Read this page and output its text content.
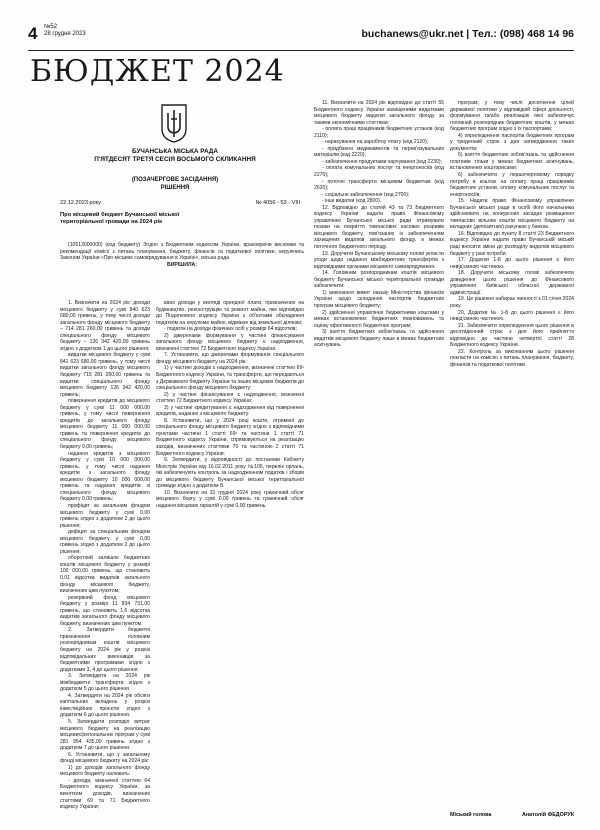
4 №52
28 грудня 2023	buchanews@ukr.net | Тел.: (098) 468 14 96
БЮДЖЕТ 2024
БУЧАНСЬКА МІСЬКА РАДА
П'ЯТДЕСЯТ ТРЕТЯ СЕСІЯ ВОСЬМОГО СКЛИКАННЯ
(ПОЗАЧЕРГОВЕ ЗАСІДАННЯ)
РІШЕННЯ
22.12.2023 року	№ 4056 - 53 - VIII
Про місцевий бюджет Бучанської міської територіальної громади на 2024 рік

(10513000000) (код бюджету) Згідно з Бюджетним кодексом України, враховуючи висновки та рекомендації комісії з питань планування, бюджету, фінансів та податкової політики, керуючись Законом України «Про місцеве самоврядування в Україні», міська рада

ВИРІШИЛА:

1. Визначити на 2024 рік: доходи місцевого бюджету у сумі 840 623 680,00 гривень, у тому числі доходи загального фонду місцевого бюджету – 714 281 260,00 гривень та доходи спеціального фонду місцевого бюджету – 126 342 420,00 гривень згідно з додатком 1 до цього рішення;

видатки місцевого бюджету у сумі 841 623 680,00 гривень, у тому числі видатки загального фонду місцевого бюджету 715 281 260,00 гривень та видатки спеціального фонду місцевого бюджету 126 342 420,00 гривень;

повернення кредитів до місцевого бюджету у сумі 11 000 000,00 гривень, у тому числі повернення кредитів до загального фонду місцевого бюджету 11 000 000,00 гривень та повернення кредитів до спеціального фонду місцевого бюджету 0,00 гривень;

надання кредитів з місцевого бюджету у сумі 10 000 000,00 гривень, у тому числі надання кредитів з загального фонду місцевого бюджету 10 000 000,00 гривень та надання кредитів зі спеціального фонду місцевого бюджету 0,00 гривень;

профіцит за загальним фондом місцевого бюджету у сумі 0,00 гривень згідно з додатком 2 до цього рішення;

дефіцит за спеціальним фондом місцевого бюджету у сумі 0,00 гривень згідно з додатком 2 до цього рішення;

оборотний залишок бюджетних коштів місцевого бюджету у розмірі 100 000,00 гривень, що становить 0,01 відсотка видатків загального фонду місцевого бюджету, визначених цим пунктом;

резервний фонд місцевого бюджету у розмірі 11 834 731,00 гривень, що становить 1,6 відсотка видатків загального фонду місцевого бюджету, визначених цим пунктом.

2. Затвердити бюджетні призначення головним розпорядникам коштів місцевого бюджету на 2024 рік у розрізі відповідальних виконавців за бюджетними програмами згідно з додатками 3, 4 до цього рішення.

3. Затвердити на 2024 рік міжбюджетні трансферти згідно з додатком 5 до цього рішення.

4. Затвердити на 2024 рік обсяги капітальних вкладень у розрізі інвестиційних проєктів згідно з додатком 6 до цього рішення.

5. Затвердити розподіл витрат місцевого бюджету на реалізацію місцевих/регіональних програм у сумі 281 954 435,00 гривень згідно з додатком 7 до цього рішення.

6. Установити, що у загальному фонді місцевого бюджету на 2024 рік:

1) до доходів загального фонду місцевого бюджету належать:

- доходи, визначені статтею 64 Бюджетного кодексу України, за винятком доходів, визначених статтями 69 та 71 Бюджетного кодексу України;

вано доходи у вигляді орендної плати, призначених на будівництво, реконструкцію та ремонт майна, яке відповідно до Податкового кодексу України є об'єктами обкладення податком на нерухоме майно, відмінне від земельної ділянки;

- податок на доходи фізичних осіб у розмірі 64 відсотків;

2) джерелами формування у частині фінансування загального фонду місцевого бюджету є надходження, визначені статтею 72 Бюджетного кодексу України.

7. Установити, що джерелами формування спеціального фонду місцевого бюджету на 2024 рік:

1) у частині доходів є надходження, визначені статтею 69¹ Бюджетного кодексу України, та трансферти, що передаються з Державного бюджету України та інших місцевих бюджетів до спеціального фонду місцевого бюджету;

2) у частині фінансування є надходження, визначені статтею 72 Бюджетного кодексу України;

3) у частині кредитування є надходження від повернення кредитів, наданих з місцевого бюджету.

8. Установити, що у 2024 році кошти, отримані до спеціального фонду місцевого бюджету згідно з відповідними пунктами частини 1 статті 69¹ та частини 1 статті 71 Бюджетного кодексу України, спрямовуються на реалізацію заходів, визначених статтями 70 та частиною 2 статті 71 Бюджетного кодексу України.

9. Затвердити, у відповідності до постанови Кабінету Міністрів України від 16.02.2011 року №106, перелік орлань, які забезпечують контроль за надходженням податків і зборів до місцевого бюджету Бучанської міської територіальної громади згідно з додатком 8.

10. Визначити на 31 грудня 2024 року граничний обсяг місцевого боргу у сумі 0,00 гривень та граничний обсяг надання місцевих гарантій у сумі 0,00 гривень.

11. Визначити на 2024 рік відповідно до статті 55 Бюджетного кодексу України захищеними видатками місцевого бюджету видатки загального фонду за такими економічними статтями:

- оплата праці працівників бюджетних установ (код 2110);

- нарахування на заробітну плату (код 2120);

- придбання медикаментів та перев'язувальних матеріалів (код 2220);

- забезпечення продуктами харчування (код 2230);

- оплата комунальних послуг та енергоносіїв (код 2270);

- поточні трансферти місцевим бюджетам (код 2620);

- соціальне забезпечення (код 2700);

- інші видатки (код 2800).

12. Відповідно до статей 43 та 73 Бюджетного кодексу України надати право Фінансовому управлінню Бучанської міської ради отримувати позики на покриття тимчасових касових розривів місцевого бюджету, пов'язаних із забезпеченням захищених видатків загального фонду, в межах поточного бюджетного періоду.

13. Доручити Бучанському міському голові укласти угоди щодо надання міжбюджетних трансфертів з відповідними органами місцевого самоврядування.

14. Головним розпорядникам коштів місцевого бюджету Бучанської міської територіальної громади забезпечити:

1) виконання вимог наказу Міністерства фінансів України щодо складання паспортів бюджетних програм місцевого бюджету;

2) здійснення управління бюджетними коштами у межах встановлених бюджетних повноважень та оцінку ефективності бюджетних програм;

3) взяття бюджетних зобов'язань та здійснення видатків місцевого бюджету лише в межах бюджетних асигнувань.

програм, у тому числі досягнення цілей державної політики у відповідній сфері діяльності, формування та/або реалізацію якої забезпечує головний розпорядник бюджетних коштів, у межах бюджетних програм згідно з їх паспортами;

4) оприлюднення паспортів бюджетних програм у триденний строк з дня затвердження таких документів;

5) взяття бюджетних зобов'язань та здійснення платежів тільки у межах бюджетних асигнувань, встановлених кошторисами;

6) забезпечити у першочерговому порядку потребу в коштах на оплату праці працівників бюджетних установ, оплату комунальних послуг та енергоносіїв.

15. Надати право Фінансовому управлінню Бучанської міської ради в особі його начальника здійснювати на конкурсних засадах розміщення тимчасово вільних коштів місцевого бюджету на вкладних (депозитних) рахунках у банках.

16. Відповідно до пункту 8 статті 23 Бюджетного кодексу України надати право Бучанській міській раді вносити зміни до розподілу видатків місцевого бюджету у разі потреби.

17. Додатки 1-8 до цього рішення є його невід'ємною частиною.

18. Доручити міському голові забезпечити доведення цього рішення до Фінансового управління Київської обласної державної адміністрації.

19. Це рішення набирає чинності з 01 січня 2024 року.

20. Додатки № 1-8 до цього рішення є його невід'ємною частиною.

21. Забезпечити оприлюднення цього рішення в десятиденний строк з дня його прийняття відповідно до частини четвертої статті 28 Бюджетного кодексу України.

22. Контроль за виконанням цього рішення покласти на комісію з питань планування, бюджету, фінансів та податкової політики.

Міський голова	Анатолій ФЕДОРУК
